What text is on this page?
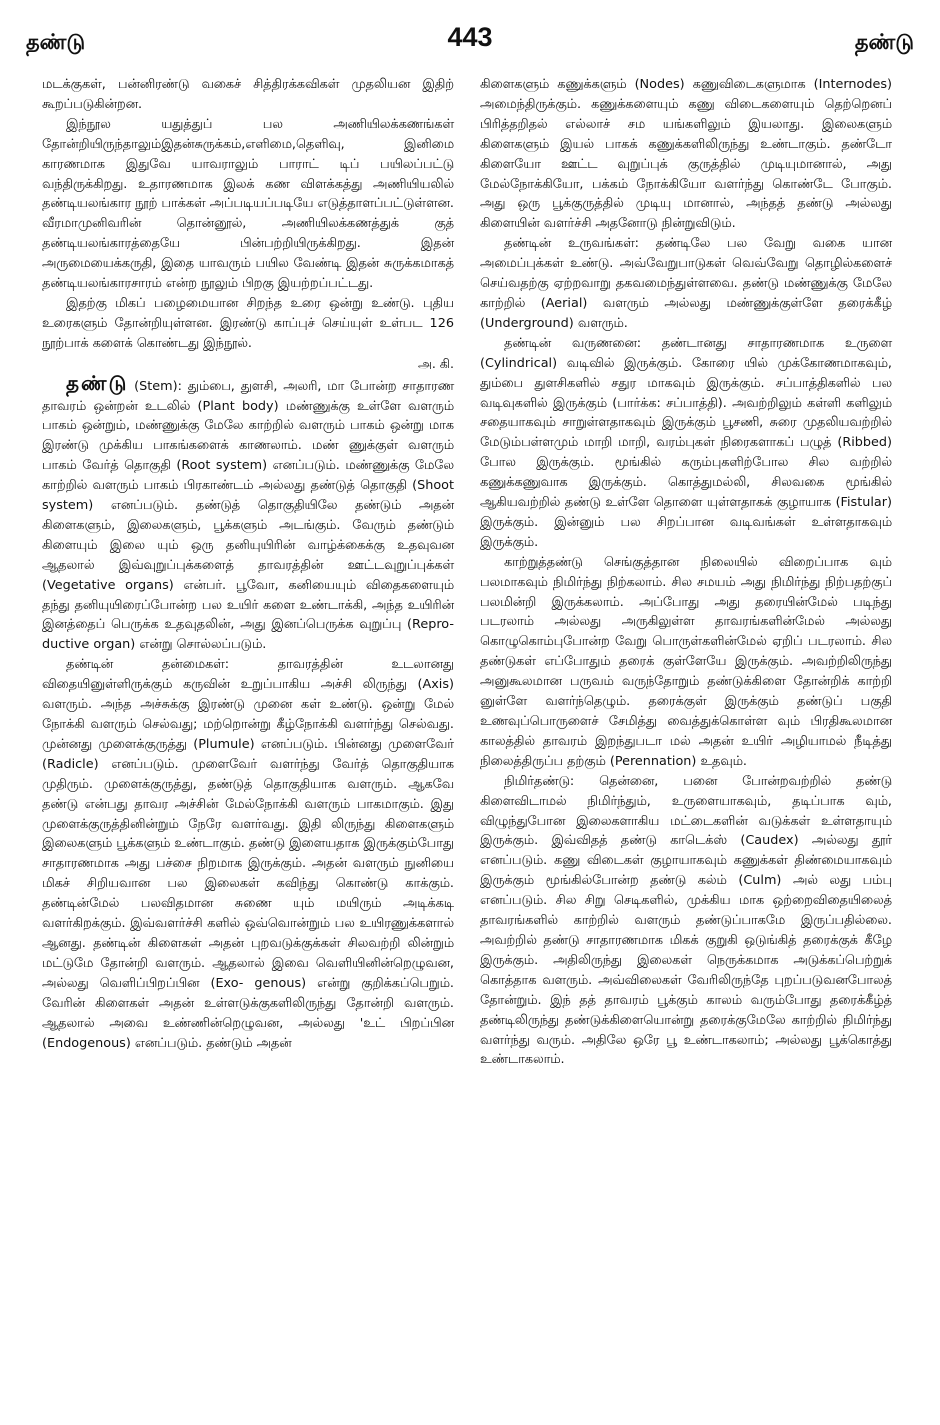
தண்டு	443	தண்டு

மடக்குகள், பன்னிரண்டு வகைச் சித்திரக்கவிகள் முதலியன இதிற் கூறப்படுகின்றன.

இந்நூல யதுத்துப் பல அணியிலக்கணங்கள் தோன்றியிருந்தாலும்இதன்சுருக்கம்,எளிமை,தெளிவு, இனிமை காரணமாக இதுவே யாவராலும் பாராட் டிப் பயிலப்பட்டு வந்திருக்கிறது. உதாரணமாக இலக் கண விளக்கத்து அணியியலில் தண்டியலங்கார நூற் பாக்கள் அப்படியப்படியே எடுத்தாளப்பட்டுள்ளன. வீரமாமுனிவரின் தொன்னூல், அணியிலக்கணத்துக் குத் தண்டியலங்காரத்தையே பின்பற்றியிருக்கிறது. இதன் அருமையைக்கருதி, இதை யாவரும் பயில வேண்டி இதன் சுருக்கமாகத் தண்டியலங்காரசாரம் என்ற நூலும் பிறகு இயற்றப்பட்டது.

இதற்கு மிகப் பழைமையான சிறந்த உரை ஒன்று உண்டு. புதிய உரைகளும் தோன்றியுள்ளன. இரண்டு காப்புச் செய்யுள் உள்பட 126 நூற்பாக் களைக் கொண்டது இந்நூல்.

அ. கி.

தண்டு (Stem): தும்பை, துளசி, அலரி, மா போன்ற சாதாரண தாவரம் ஒன்றன் உடலில் (Plant body) மண்ணுக்கு உள்ளே வளரும் பாகம் ஒன்றும், மண்ணுக்கு மேலே காற்றில் வளரும் பாகம் ஒன்று மாக இரண்டு முக்கிய பாகங்களைக் காணலாம். மண் ணுக்குள் வளரும் பாகம் வேர்த் தொகுதி (Root system) எனப்படும். மண்ணுக்கு மேலே காற்றில் வளரும் பாகம் பிரகாண்டம் அல்லது தண்டுத் தொகுதி (Shoot system) எனப்படும். தண்டுத் தொகுதியிலே தண்டும் அதன் கிளைகளும், இலைகளும், பூக்களும் அடங்கும். வேரும் தண்டும் கிளையும் இலை யும் ஒரு தனியுயிரின் வாழ்க்கைக்கு உதவுவன ஆதலால் இவ்வுறுப்புக்களைத் தாவரத்தின் ஊட்டவுறுப்புக்கள் (Vegetative organs) என்பர். பூவோ, கனியையும் விதைகளையும் தந்து தனியுயிரைப்போன்ற பல உயிர் களை உண்டாக்கி, அந்த உயிரின் இனத்தைப் பெருக்க உதவுதலின், அது இனப்பெருக்க வுறுப்பு (Repro- ductive organ) என்று சொல்லப்படும்.

தண்டின் தன்மைகள்: தாவரத்தின் உடலானது விதையினுள்ளிருக்கும் கருவின் உறுப்பாகிய அச்சி லிருந்து (Axis) வளரும். அந்த அச்சுக்கு இரண்டு முனை கள் உண்டு. ஒன்று மேல் நோக்கி வளரும் செல்வது; மற்றொன்று கீழ்நோக்கி வளர்ந்து செல்வது. முன்னது முளைக்குருத்து (Plumule) எனப்படும். பின்னது முளைவேர் (Radicle) எனப்படும். முளைவேர் வளர்ந்து வேர்த் தொகுதியாக முதிரும். முளைக்குருத்து, தண்டுத் தொகுதியாக வளரும். ஆகவே தண்டு என்பது தாவர அச்சின் மேல்நோக்கி வளரும் பாகமாகும். இது முளைக்குருத்தினின்றும் நேரே வளர்வது. இதி லிருந்து கிளைகளும் இலைகளும் பூக்களும் உண்டாகும். தண்டு இளையதாக இருக்கும்போது சாதாரணமாக அது பச்சை நிறமாக இருக்கும். அதன் வளரும் நுனியை மிகச் சிறியவான பல இலைகள் கவிந்து கொண்டு காக்கும். தண்டின்மேல் பலவிதமான சுணை யும் மயிரும் அடிக்கடி வளர்கிறக்கும். இவ்வளர்ச்சி களில் ஒவ்வொன்றும் பல உயிரணுக்களால் ஆனது. தண்டின் கிளைகள் அதன் புறவடுக்குக்கள் சிலவற்றி லின்றும் மட்டுமே தோன்றி வளரும். ஆதலால் இவை வெளியினின்றெழுவன, அல்லது வெளிப்பிறப்பின (Exo- genous) என்று குறிக்கப்பெறும். வேரின் கிளைகள் அதன் உள்ளடுக்குகளிலிருந்து தோன்றி வளரும். ஆதலால் அவை உண்ணின்றெழுவன, அல்லது 'உட் பிறப்பின (Endogenous) எனப்படும். தண்டும் அதன்

கிளைகளும் கணுக்களும் (Nodes) கணுவிடைகளுமாக (Internodes) அமைந்திருக்கும். கணுக்களையும் கணு விடைகளையும் தெற்றெனப் பிரித்தறிதல் எல்லாச் சம யங்களிலும் இயலாது. இலைகளும் கிளைகளும் இயல் பாகக் கணுக்களிலிருந்து உண்டாகும். தண்டோ கிளையோ ஊட்ட வுறுப்புக் குருத்தில் முடியுமானால், அது மேல்நோக்கியோ, பக்கம் நோக்கியோ வளர்ந்து கொண்டே போகும். அது ஒரு பூக்குருத்தில் முடியு மானால், அந்தத் தண்டு அல்லது கிளையின் வளர்ச்சி அதனோடு நின்றுவிடும்.

தண்டின் உருவங்கள்: தண்டிலே பல வேறு வகை யான அமைப்புக்கள் உண்டு. அவ்வேறுபாடுகள் வெவ்வேறு தொழில்களைச் செய்வதற்கு ஏற்றவாறு தகவமைந்துள்ளவை. தண்டு மண்ணுக்கு மேலே காற்றில் (Aerial) வளரும் அல்லது மண்ணுக்குள்ளே தரைக்கீழ் (Underground) வளரும்.

தண்டின் வருணனை: தண்டானது சாதாரணமாக உருளை (Cylindrical) வடிவில் இருக்கும். கோரை யில் முக்கோணமாகவும், தும்பை துளசிகளில் சதுர மாகவும் இருக்கும். சப்பாத்திகளில் பல வடிவுகளில் இருக்கும் (பார்க்க: சப்பாத்தி). அவற்றிலும் கள்ளி களிலும் சதையாகவும் சாறுள்ளதாகவும் இருக்கும் பூசணி, சுரை முதலியவற்றில் மேடும்பள்ளமும் மாறி மாறி, வரம்புகள் நிரைகளாகப் பழுத் (Ribbed) போல இருக்கும். மூங்கில் கரும்புகளிற்போல சில வற்றில் கணுக்கணுவாக இருக்கும். கொத்துமல்லி, சிலவகை மூங்கில் ஆகியவற்றில் தண்டு உள்ளே தொளை யுள்ளதாகக் குழாயாக (Fistular) இருக்கும். இன்னும் பல சிறப்பான வடிவங்கள் உள்ளதாகவும் இருக்கும்.

காற்றுத்தண்டு செங்குத்தான நிலையில் விறைப்பாக வும் பலமாகவும் நிமிர்ந்து நிற்கலாம். சில சமயம் அது நிமிர்ந்து நிற்பதற்குப் பலமின்றி இருக்கலாம். அப்போது அது தரையின்மேல் படிந்து படரலாம் அல்லது அருகிலுள்ள தாவரங்களின்மேல் அல்லது கொழுகொம்புபோன்ற வேறு பொருள்களின்மேல் ஏறிப் படரலாம். சில தண்டுகள் எப்போதும் தரைக் குள்ளேயே இருக்கும். அவற்றிலிருந்து அனுகூலமான பருவம் வருந்தோறும் தண்டுக்கிளை தோன்றிக் காற்றி னுள்ளே வளர்ந்தெழும். தரைக்குள் இருக்கும் தண்டுப் பகுதி உணவுப்பொருளைச் சேமித்து வைத்துக்கொள்ள வும் பிரதிகூலமான காலத்தில் தாவரம் இறந்துபடா மல் அதன் உயிர் அழியாமல் நீடித்து நிலைத்திருப்ப தற்கும் (Perennation) உதவும்.

நிமிர்தண்டு: தென்னை, பனை போன்றவற்றில் தண்டு கிளைவிடாமல் நிமிர்ந்தும், உருளையாகவும், தடிப்பாக வும், விழுந்துபோன இலைகளாகிய மட்டைகளின் வடுக்கள் உள்ளதாயும் இருக்கும். இவ்விதத் தண்டு காடெக்ஸ் (Caudex) அல்லது தூர் எனப்படும். கணு விடைகள் குழாயாகவும் கணுக்கள் திண்மையாகவும் இருக்கும் மூங்கில்போன்ற தண்டு கல்ம் (Culm) அல் லது பம்பு எனப்படும். சில சிறு செடிகளில், முக்கிய மாக ஒற்றைவிதையிலைத் தாவரங்களில் காற்றில் வளரும் தண்டுப்பாகமே இருப்பதில்லை. அவற்றில் தண்டு சாதாரணமாக மிகக் குறுகி ஒடுங்கித் தரைக்குக் கீழே இருக்கும். அதிலிருந்து இலைகள் நெருக்கமாக அடுக்கப்பெற்றுக் கொத்தாக வளரும். அவ்விலைகள் வேரிலிருந்தே புறப்படுவனபோலத் தோன்றும். இந் தத் தாவரம் பூக்கும் காலம் வரும்போது தரைக்கீழ்த் தண்டிலிருந்து தண்டுக்கிளையொன்று தரைக்குமேலே காற்றில் நிமிர்ந்து வளர்ந்து வரும். அதிலே ஒரே பூ உண்டாகலாம்; அல்லது பூக்கொத்து உண்டாகலாம்.
